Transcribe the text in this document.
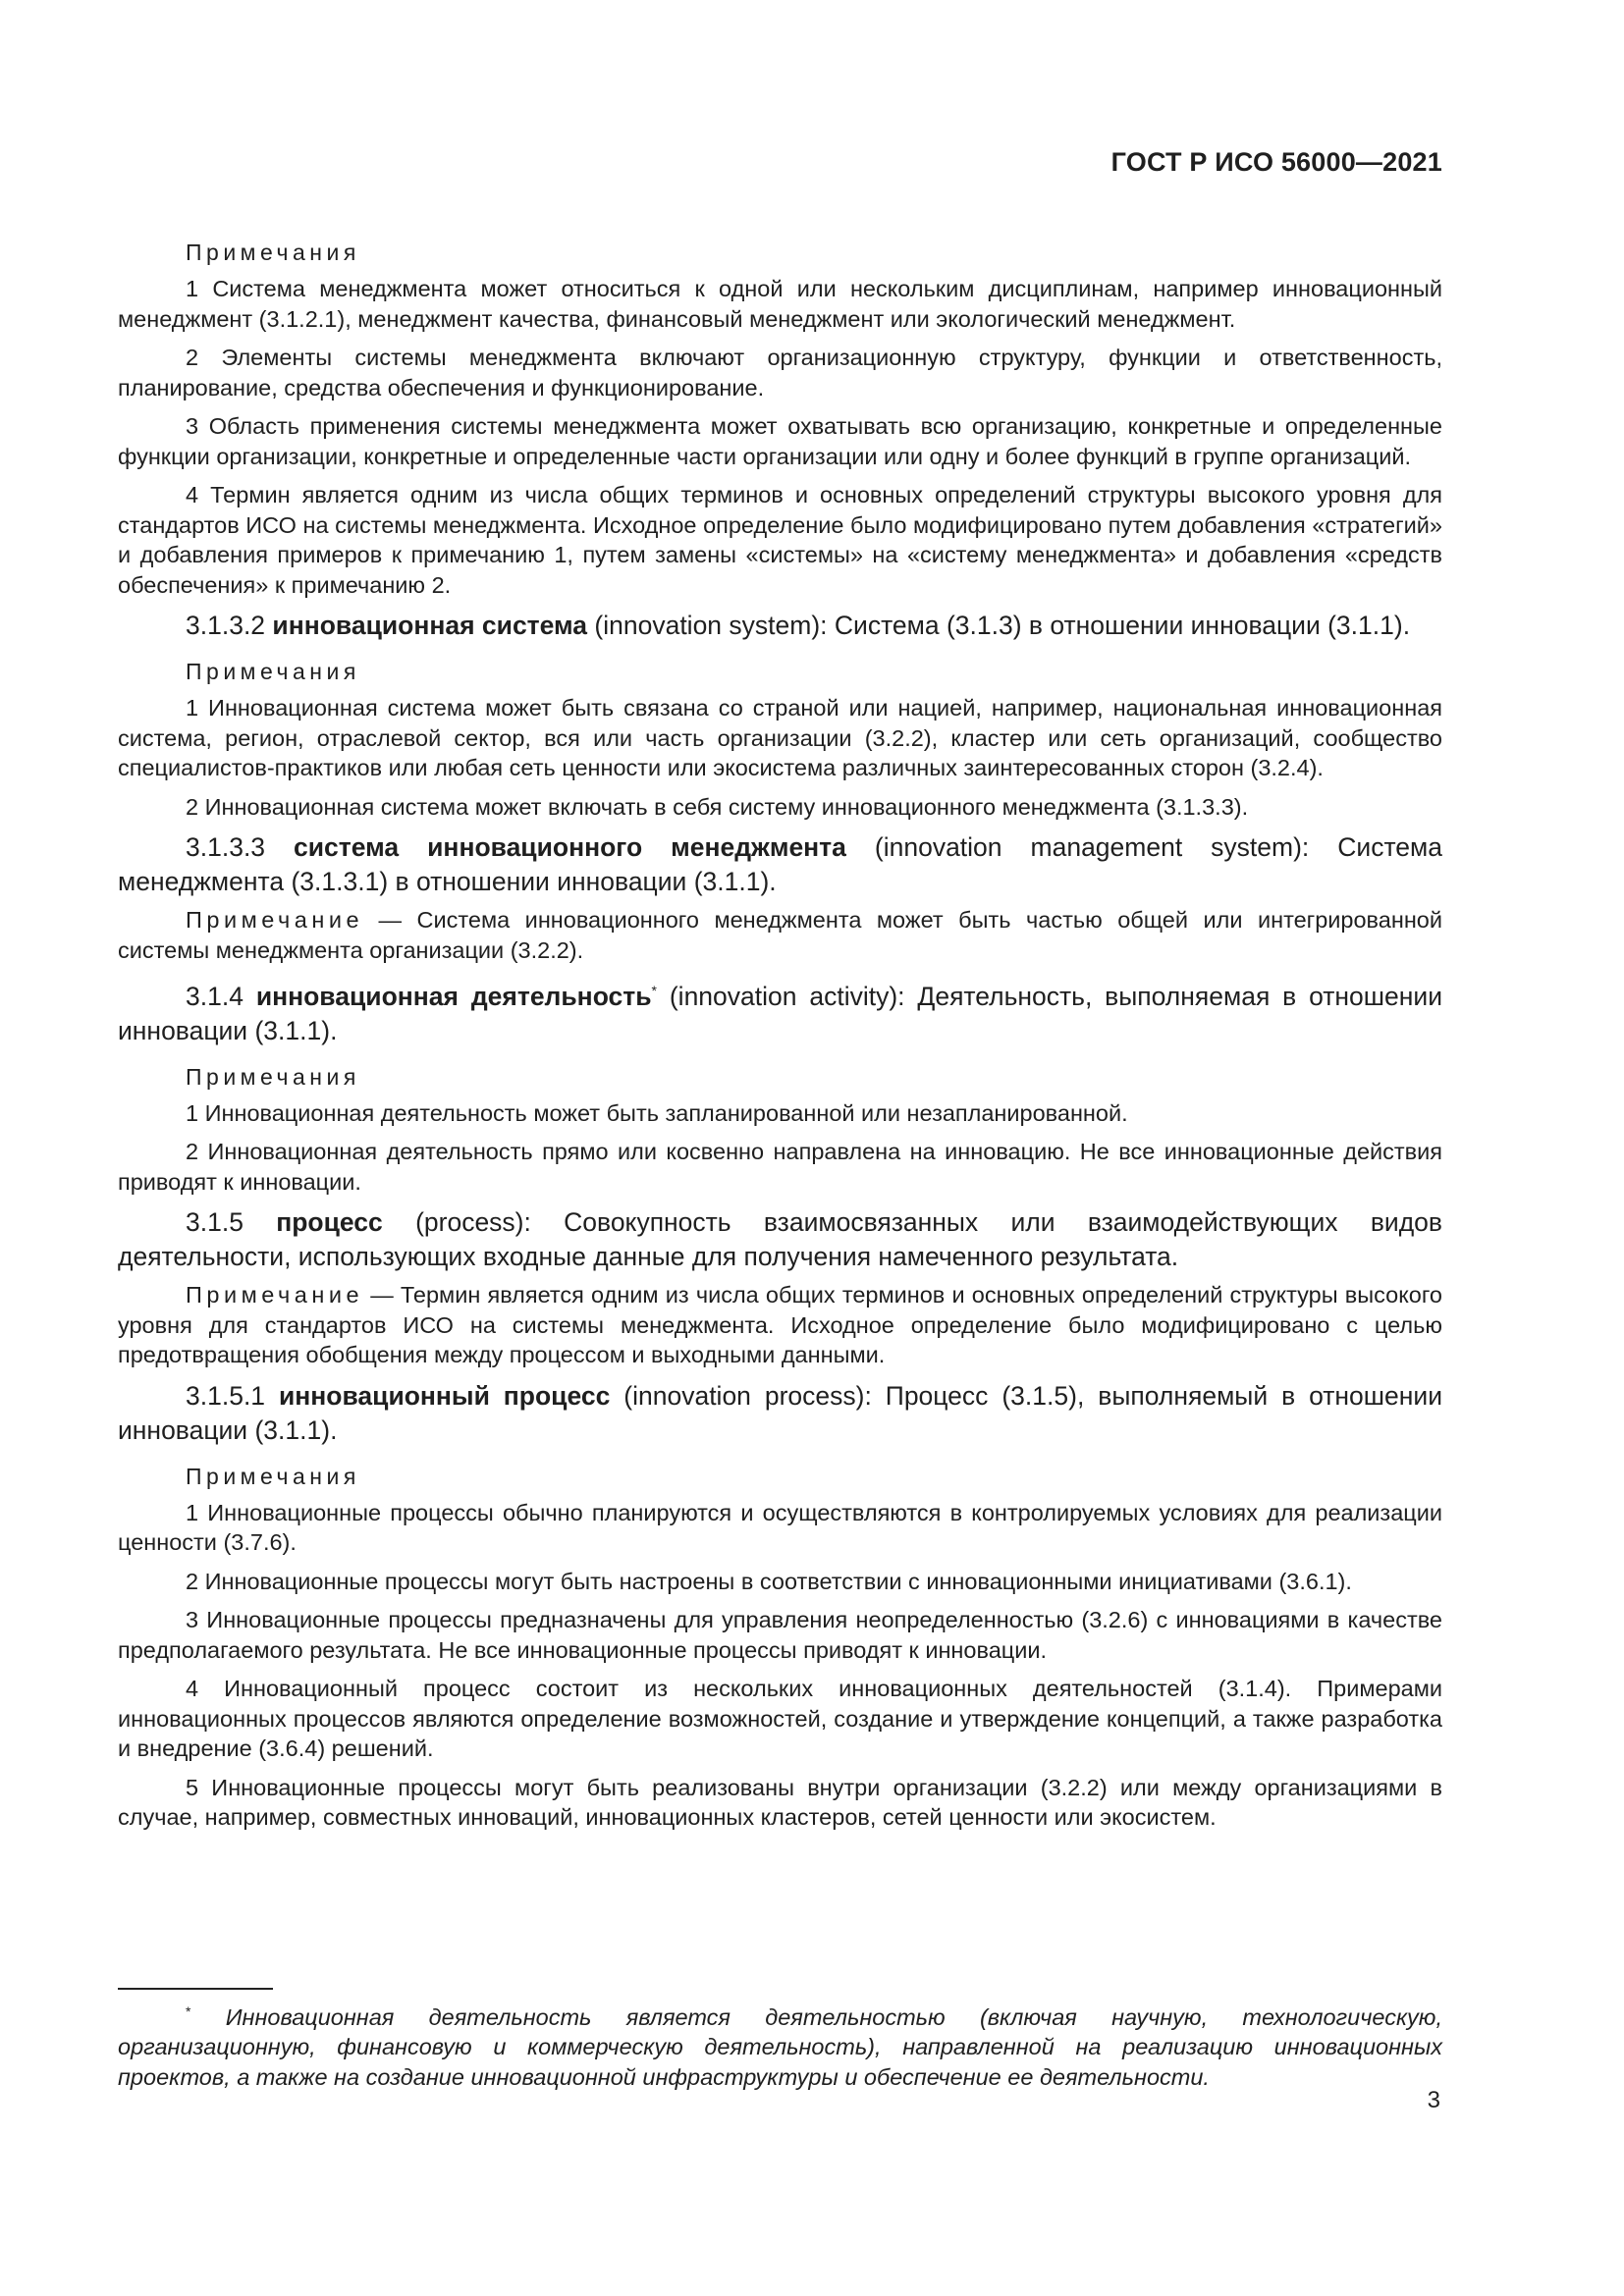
ГОСТ Р ИСО 56000—2021

Примечания

1 Система менеджмента может относиться к одной или нескольким дисциплинам, например инновационный менеджмент (3.1.2.1), менеджмент качества, финансовый менеджмент или экологический менеджмент.

2 Элементы системы менеджмента включают организационную структуру, функции и ответственность, планирование, средства обеспечения и функционирование.

3 Область применения системы менеджмента может охватывать всю организацию, конкретные и определенные функции организации, конкретные и определенные части организации или одну и более функций в группе организаций.

4 Термин является одним из числа общих терминов и основных определений структуры высокого уровня для стандартов ИСО на системы менеджмента. Исходное определение было модифицировано путем добавления «стратегий» и добавления примеров к примечанию 1, путем замены «системы» на «систему менеджмента» и добавления «средств обеспечения» к примечанию 2.

3.1.3.2 инновационная система (innovation system): Система (3.1.3) в отношении инновации (3.1.1).

Примечания

1 Инновационная система может быть связана со страной или нацией, например, национальная инновационная система, регион, отраслевой сектор, вся или часть организации (3.2.2), кластер или сеть организаций, сообщество специалистов-практиков или любая сеть ценности или экосистема различных заинтересованных сторон (3.2.4).

2 Инновационная система может включать в себя систему инновационного менеджмента (3.1.3.3).

3.1.3.3 система инновационного менеджмента (innovation management system): Система менеджмента (3.1.3.1) в отношении инновации (3.1.1).

Примечание — Система инновационного менеджмента может быть частью общей или интегрированной системы менеджмента организации (3.2.2).

3.1.4 инновационная деятельность* (innovation activity): Деятельность, выполняемая в отношении инновации (3.1.1).

Примечания

1 Инновационная деятельность может быть запланированной или незапланированной.

2 Инновационная деятельность прямо или косвенно направлена на инновацию. Не все инновационные действия приводят к инновации.

3.1.5 процесс (process): Совокупность взаимосвязанных или взаимодействующих видов деятельности, использующих входные данные для получения намеченного результата.

Примечание — Термин является одним из числа общих терминов и основных определений структуры высокого уровня для стандартов ИСО на системы менеджмента. Исходное определение было модифицировано с целью предотвращения обобщения между процессом и выходными данными.

3.1.5.1 инновационный процесс (innovation process): Процесс (3.1.5), выполняемый в отношении инновации (3.1.1).

Примечания

1 Инновационные процессы обычно планируются и осуществляются в контролируемых условиях для реализации ценности (3.7.6).

2 Инновационные процессы могут быть настроены в соответствии с инновационными инициативами (3.6.1).

3 Инновационные процессы предназначены для управления неопределенностью (3.2.6) с инновациями в качестве предполагаемого результата. Не все инновационные процессы приводят к инновации.

4 Инновационный процесс состоит из нескольких инновационных деятельностей (3.1.4). Примерами инновационных процессов являются определение возможностей, создание и утверждение концепций, а также разработка и внедрение (3.6.4) решений.

5 Инновационные процессы могут быть реализованы внутри организации (3.2.2) или между организациями в случае, например, совместных инноваций, инновационных кластеров, сетей ценности или экосистем.

* Инновационная деятельность является деятельностью (включая научную, технологическую, организационную, финансовую и коммерческую деятельность), направленной на реализацию инновационных проектов, а также на создание инновационной инфраструктуры и обеспечение ее деятельности.

3
